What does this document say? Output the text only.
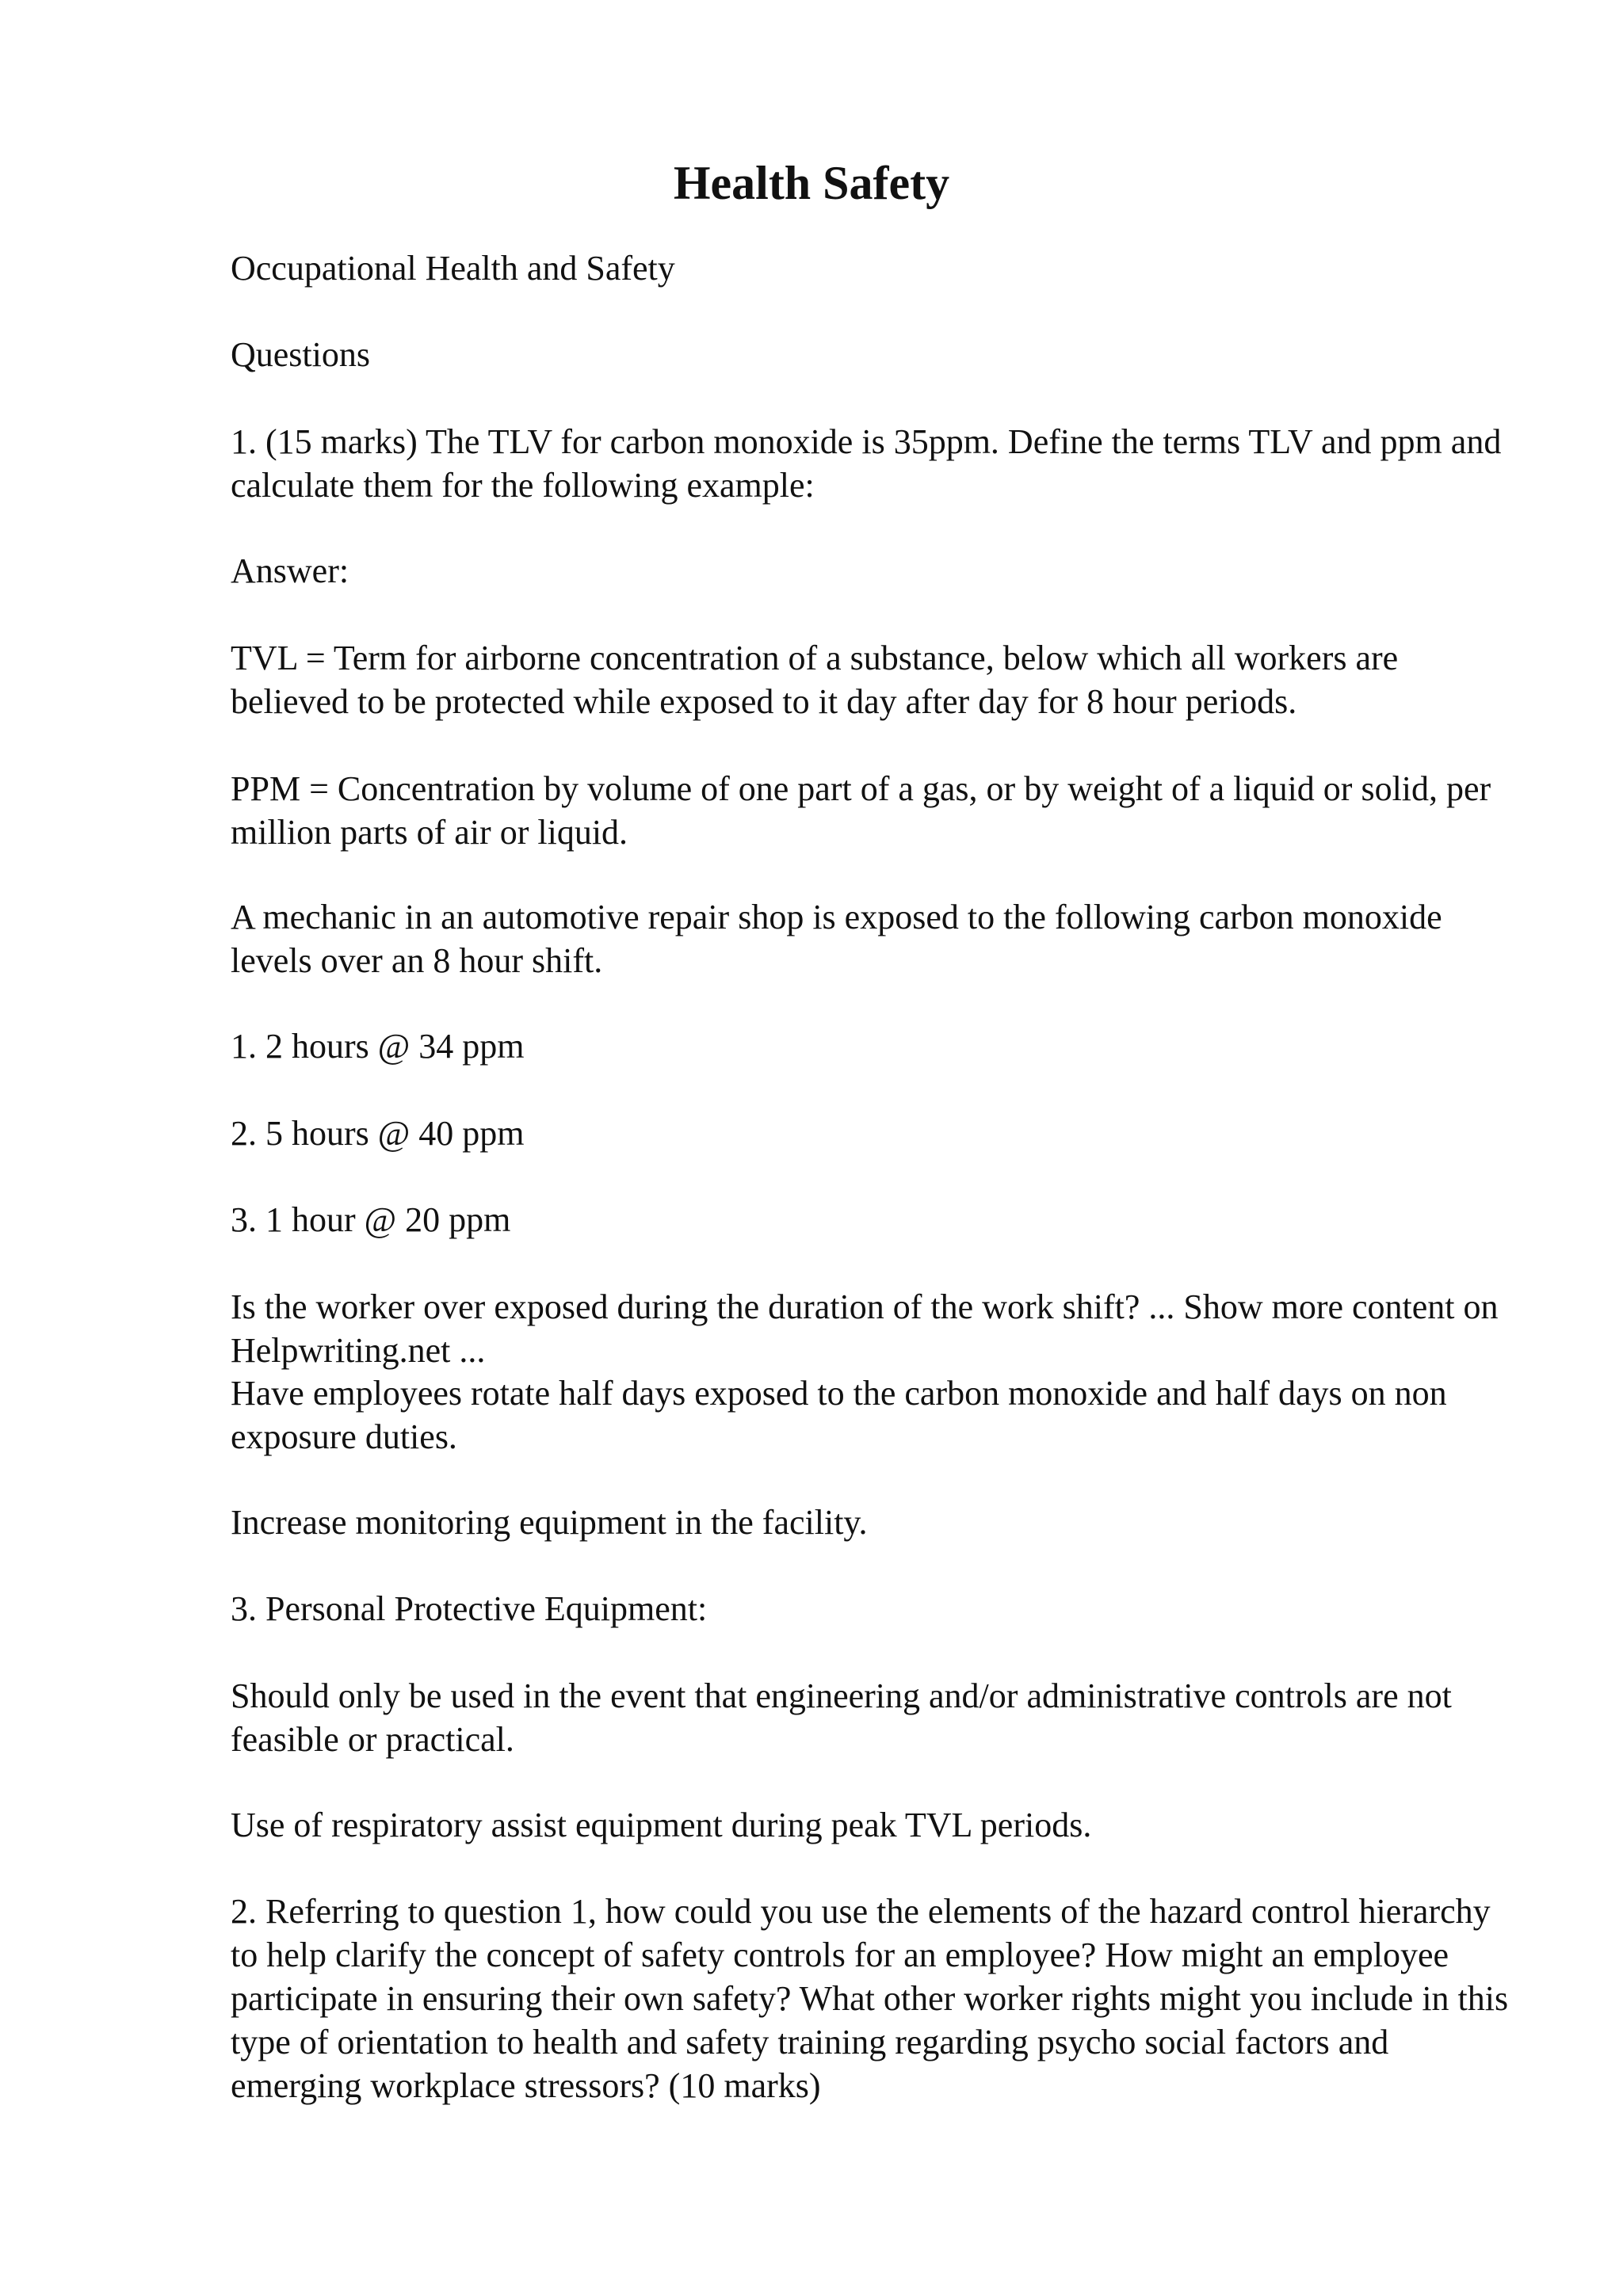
Health Safety

Occupational Health and Safety

Questions

1. (15 marks) The TLV for carbon monoxide is 35ppm. Define the terms TLV and ppm and calculate them for the following example:

Answer:

TVL = Term for airborne concentration of a substance, below which all workers are believed to be protected while exposed to it day after day for 8 hour periods.

PPM = Concentration by volume of one part of a gas, or by weight of a liquid or solid, per million parts of air or liquid.

A mechanic in an automotive repair shop is exposed to the following carbon monoxide levels over an 8 hour shift.

1. 2 hours @ 34 ppm

2. 5 hours @ 40 ppm

3. 1 hour @ 20 ppm

Is the worker over exposed during the duration of the work shift? ... Show more content on Helpwriting.net ...

Have employees rotate half days exposed to the carbon monoxide and half days on non exposure duties.

Increase monitoring equipment in the facility.

3. Personal Protective Equipment:

Should only be used in the event that engineering and/or administrative controls are not feasible or practical.

Use of respiratory assist equipment during peak TVL periods.

2. Referring to question 1, how could you use the elements of the hazard control hierarchy to help clarify the concept of safety controls for an employee? How might an employee participate in ensuring their own safety? What other worker rights might you include in this type of orientation to health and safety training regarding psycho social factors and emerging workplace stressors? (10 marks)
